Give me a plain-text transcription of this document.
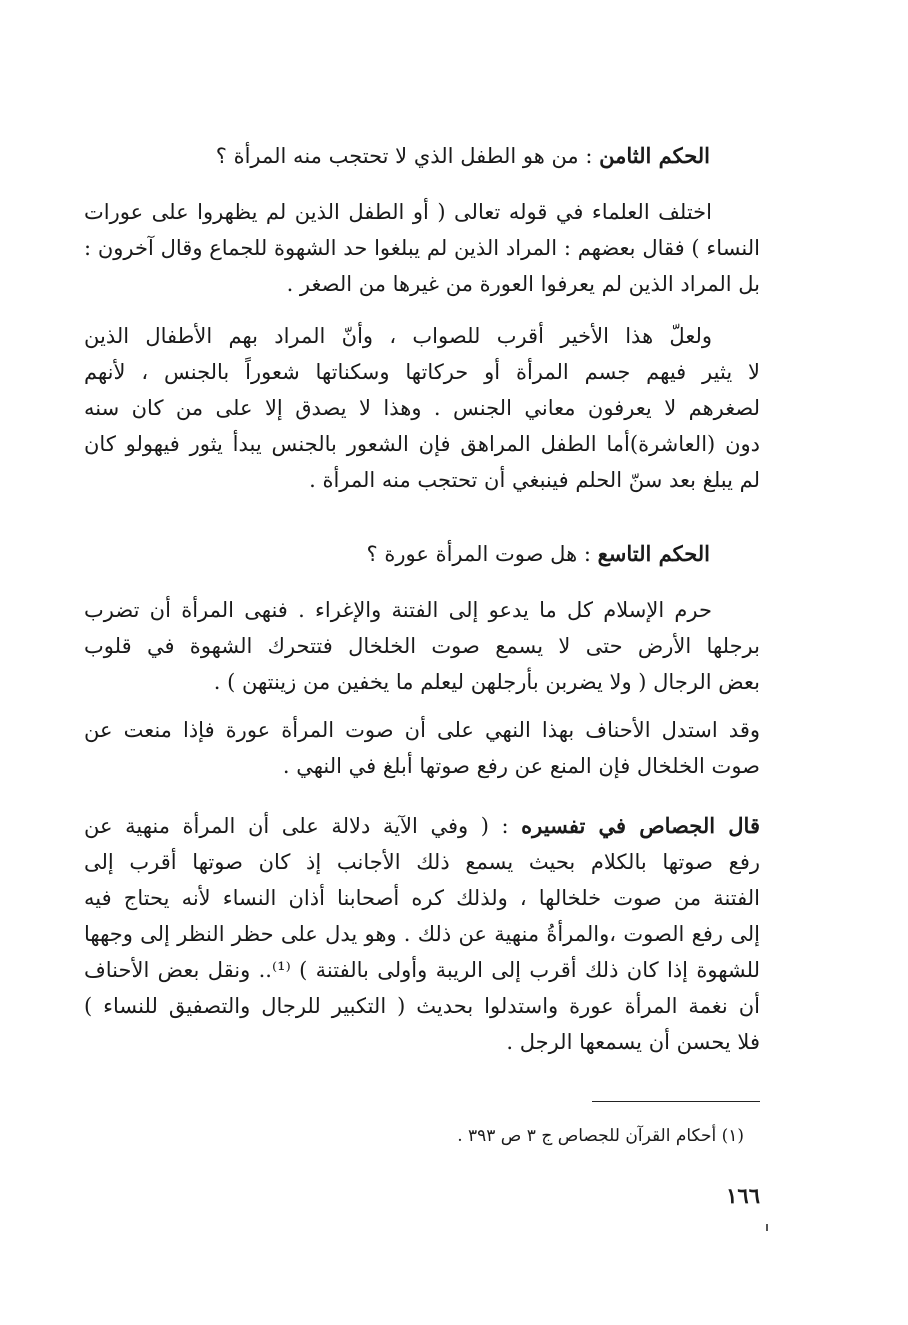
الحكم الثامن : من هو الطفل الذي لا تحتجب منه المرأة ؟
اختلف العلماء في قوله تعالى ( أو الطفل الذين لم يظهروا على عورات
النساء ) فقال بعضهم : المراد الذين لم يبلغوا حد الشهوة للجماع وقال آخرون :
بل المراد الذين لم يعرفوا العورة من غيرها من الصغر .
ولعلّ هذا الأخير أقرب للصواب ، وأنّ المراد بهم الأطفال الذين
لا يثير فيهم جسم المرأة أو حركاتها وسكناتها شعوراً بالجنس ، لأنهم
لصغرهم لا يعرفون معاني الجنس . وهذا لا يصدق إلا على من كان سنه
دون (العاشرة)أما الطفل المراهق فإن الشعور بالجنس يبدأ يثور فيهولو كان
لم يبلغ بعد سنّ الحلم فينبغي أن تحتجب منه المرأة .
الحكم التاسع : هل صوت المرأة عورة ؟
حرم الإسلام كل ما يدعو إلى الفتنة والإغراء . فنهى المرأة أن تضرب
برجلها الأرض حتى لا يسمع صوت الخلخال فتتحرك الشهوة في قلوب
بعض الرجال ( ولا يضربن بأرجلهن ليعلم ما يخفين من زينتهن ) .
وقد استدل الأحناف بهذا النهي على أن صوت المرأة عورة فإذا منعت عن
صوت الخلخال فإن المنع عن رفع صوتها أبلغ في النهي .
قال الجصاص في تفسيره : ( وفي الآية دلالة على أن المرأة منهية عن
رفع صوتها بالكلام بحيث يسمع ذلك الأجانب إذ كان صوتها أقرب إلى
الفتنة من صوت خلخالها ، ولذلك كره أصحابنا أذان النساء لأنه يحتاج فيه
إلى رفع الصوت ،والمرأةُ منهية عن ذلك . وهو يدل على حظر النظر إلى وجهها
للشهوة إذا كان ذلك أقرب إلى الريبة وأولى بالفتنة ) ⁽¹⁾.. ونقل بعض الأحناف
أن نغمة المرأة عورة واستدلوا بحديث ( التكبير للرجال والتصفيق للنساء )
فلا يحسن أن يسمعها الرجل .
(١) أحكام القرآن للجصاص ج ٣ ص ٣٩٣ .
١٦٦
